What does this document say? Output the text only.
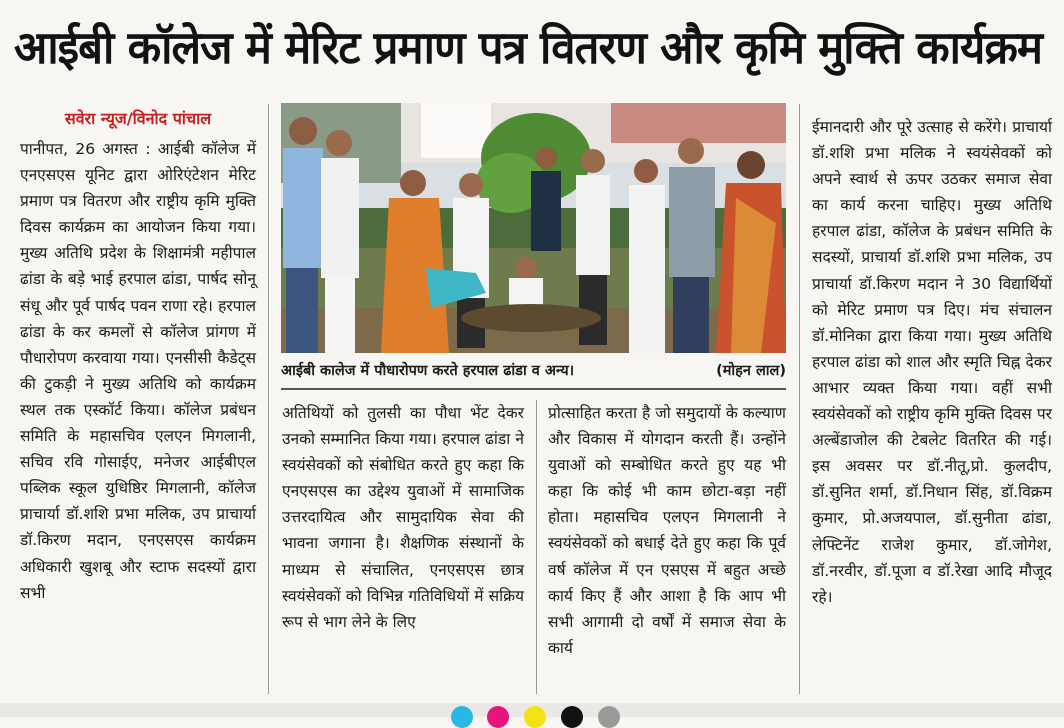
आईबी कॉलेज में मेरिट प्रमाण पत्र वितरण और कृमि मुक्ति कार्यक्रम
सवेरा न्यूज/विनोद पांचाल

पानीपत, 26 अगस्त : आईबी कॉलेज में एनएसएस यूनिट द्वारा ओरिएंटेशन मेरिट प्रमाण पत्र वितरण और राष्ट्रीय कृमि मुक्ति दिवस कार्यक्रम का आयोजन किया गया। मुख्य अतिथि प्रदेश के शिक्षामंत्री महीपाल ढांडा के बड़े भाई हरपाल ढांडा, पार्षद सोनू संधू और पूर्व पार्षद पवन राणा रहे। हरपाल ढांडा के कर कमलों से कॉलेज प्रांगण में पौधारोपण करवाया गया। एनसीसी कैडेट्स की टुकड़ी ने मुख्य अतिथि को कार्यक्रम स्थल तक एस्कॉर्ट किया। कॉलेज प्रबंधन समिति के महासचिव एलएन मिगलानी, सचिव रवि गोसाईए, मनेजर आईबीएल पब्लिक स्कूल युधिष्ठिर मिगलानी, कॉलेज प्राचार्या डॉ.शशि प्रभा मलिक, उप प्राचार्या डॉ.किरण मदान, एनएसएस कार्यक्रम अधिकारी खुशबू और स्टाफ सदस्यों द्वारा सभी

आईबी कालेज में पौधारोपण करते हरपाल ढांडा व अन्य।	(मोहन लाल)

अतिथियों को तुलसी का पौधा भेंट देकर उनको सम्मानित किया गया। हरपाल ढांडा ने स्वयंसेवकों को संबोधित करते हुए कहा कि एनएसएस का उद्देश्य युवाओं में सामाजिक उत्तरदायित्व और सामुदायिक सेवा की भावना जगाना है। शैक्षणिक संस्थानों के माध्यम से संचालित, एनएसएस छात्र स्वयंसेवकों को विभिन्न गतिविधियों में सक्रिय रूप से भाग लेने के लिए

प्रोत्साहित करता है जो समुदायों के कल्याण और विकास में योगदान करती हैं। उन्होंने युवाओं को सम्बोधित करते हुए यह भी कहा कि कोई भी काम छोटा-बड़ा नहीं होता। महासचिव एलएन मिगलानी ने स्वयंसेवकों को बधाई देते हुए कहा कि पूर्व वर्ष कॉलेज में एन एसएस में बहुत अच्छे कार्य किए हैं और आशा है कि आप भी सभी आगामी दो वर्षों में समाज सेवा के कार्य

ईमानदारी और पूरे उत्साह से करेंगे। प्राचार्या डॉ.शशि प्रभा मलिक ने स्वयंसेवकों को अपने स्वार्थ से ऊपर उठकर समाज सेवा का कार्य करना चाहिए। मुख्य अतिथि हरपाल ढांडा, कॉलेज के प्रबंधन समिति के सदस्यों, प्राचार्या डॉ.शशि प्रभा मलिक, उप प्राचार्या डॉ.किरण मदान ने 30 विद्यार्थियों को मेरिट प्रमाण पत्र दिए। मंच संचालन डॉ.मोनिका द्वारा किया गया। मुख्य अतिथि हरपाल ढांडा को शाल और स्मृति चिह्न देकर आभार व्यक्त किया गया। वहीं सभी स्वयंसेवकों को राष्ट्रीय कृमि मुक्ति दिवस पर अल्बेंडाजोल की टेबलेट वितरित की गई। इस अवसर पर डॉ.नीतू,प्रो. कुलदीप, डॉ.सुनित शर्मा, डॉ.निधान सिंह, डॉ.विक्रम कुमार, प्रो.अजयपाल, डॉ.सुनीता ढांडा, लेफ्टिनेंट राजेश कुमार, डॉ.जोगेश, डॉ.नरवीर, डॉ.पूजा व डॉ.रेखा आदि मौजूद रहे।
